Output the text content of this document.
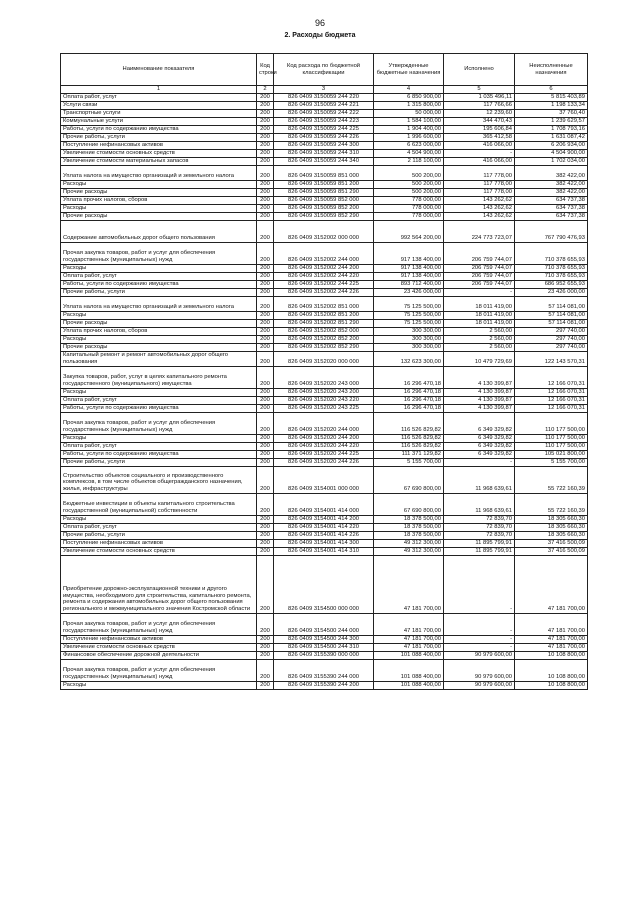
96
2. Расходы бюджета
Наименование показателя	Код строки	Код расхода по бюджетной классификации	Утвержденные бюджетные назначения	Исполнено	Неисполненные назначения
1	2	3	4	5	6
Оплата работ, услуг	200	826 0409 3150059 244 220	6 850 900,00	1 035 496,11	5 815 403,89
Услуги связи	200	826 0409 3150059 244 221	1 315 800,00	117 766,66	1 198 133,34
Транспортные услуги	200	826 0409 3150059 244 222	50 000,00	12 239,60	37 760,40
Коммунальные услуги	200	826 0409 3150059 244 223	1 584 100,00	344 470,43	1 239 629,57
Работы, услуги по содержанию имущества	200	826 0409 3150059 244 225	1 904 400,00	195 606,84	1 708 793,16
Прочие работы, услуги	200	826 0409 3150059 244 226	1 996 600,00	365 412,58	1 631 087,42
Поступление нефинансовых активов	200	826 0409 3150059 244 300	6 623 000,00	416 066,00	6 206 934,00
Увеличение стоимости основных средств	200	826 0409 3150059 244 310	4 504 900,00	-	4 504 900,00
Увеличение стоимости материальных запасов	200	826 0409 3150059 244 340	2 118 100,00	416 066,00	1 702 034,00
Уплата налога на имущество организаций и земельного налога	200	826 0409 3150059 851 000	500 200,00	117 778,00	382 422,00
Расходы	200	826 0409 3150059 851 200	500 200,00	117 778,00	382 422,00
Прочие расходы	200	826 0409 3150059 851 290	500 200,00	117 778,00	382 422,00
Уплата прочих налогов, сборов	200	826 0409 3150059 852 000	778 000,00	143 262,62	634 737,38
Расходы	200	826 0409 3150059 852 200	778 000,00	143 262,62	634 737,38
Прочие расходы	200	826 0409 3150059 852 290	778 000,00	143 262,62	634 737,38
Содержание автомобильных дорог общего пользования	200	826 0409 3152002 000 000	992 564 200,00	224 773 723,07	767 790 476,93
Прочая закупка товаров, работ и услуг для обеспечения государственных (муниципальных) нужд	200	826 0409 3152002 244 000	917 138 400,00	206 759 744,07	710 378 655,93
Расходы	200	826 0409 3152002 244 200	917 138 400,00	206 759 744,07	710 378 655,93
Оплата работ, услуг	200	826 0409 3152002 244 220	917 138 400,00	206 759 744,07	710 378 655,93
Работы, услуги по содержанию имущества	200	826 0409 3152002 244 225	893 712 400,00	206 759 744,07	686 952 655,93
Прочие работы, услуги	200	826 0409 3152002 244 226	23 426 000,00	-	23 426 000,00
Уплата налога на имущество организаций и земельного налога	200	826 0409 3152002 851 000	75 125 500,00	18 011 419,00	57 114 081,00
Расходы	200	826 0409 3152002 851 200	75 125 500,00	18 011 419,00	57 114 081,00
Прочие расходы	200	826 0409 3152002 851 290	75 125 500,00	18 011 419,00	57 114 081,00
Уплата прочих налогов, сборов	200	826 0409 3152002 852 000	300 300,00	2 560,00	297 740,00
Расходы	200	826 0409 3152002 852 200	300 300,00	2 560,00	297 740,00
Прочие расходы	200	826 0409 3152002 852 290	300 300,00	2 560,00	297 740,00
Капитальный ремонт и ремонт автомобильных дорог общего пользования	200	826 0409 3152020 000 000	132 623 300,00	10 479 729,69	122 143 570,31
Закупка товаров, работ, услуг в целях капитального ремонта государственного (муниципального) имущества	200	826 0409 3152020 243 000	16 296 470,18	4 130 399,87	12 166 070,31
Расходы	200	826 0409 3152020 243 200	16 296 470,18	4 130 399,87	12 166 070,31
Оплата работ, услуг	200	826 0409 3152020 243 220	16 296 470,18	4 130 399,87	12 166 070,31
Работы, услуги по содержанию имущества	200	826 0409 3152020 243 225	16 296 470,18	4 130 399,87	12 166 070,31
Прочая закупка товаров, работ и услуг для обеспечения государственных (муниципальных) нужд	200	826 0409 3152020 244 000	116 526 829,82	6 349 329,82	110 177 500,00
Расходы	200	826 0409 3152020 244 200	116 526 829,82	6 349 329,82	110 177 500,00
Оплата работ, услуг	200	826 0409 3152020 244 220	116 526 829,82	6 349 329,82	110 177 500,00
Работы, услуги по содержанию имущества	200	826 0409 3152020 244 225	111 371 129,82	6 349 329,82	105 021 800,00
Прочие работы, услуги	200	826 0409 3152020 244 226	5 155 700,00	-	5 155 700,00
Строительство объектов социального и производственного комплексов, в том числе объектов общегражданского назначения, жилья, инфраструктуры	200	826 0409 3154001 000 000	67 690 800,00	11 968 639,61	55 722 160,39
Бюджетные инвестиции в объекты капитального строительства государственной (муниципальной) собственности	200	826 0409 3154001 414 000	67 690 800,00	11 968 639,61	55 722 160,39
Расходы	200	826 0409 3154001 414 200	18 378 500,00	72 839,70	18 305 660,30
Оплата работ, услуг	200	826 0409 3154001 414 220	18 378 500,00	72 839,70	18 305 660,30
Прочие работы, услуги	200	826 0409 3154001 414 226	18 378 500,00	72 839,70	18 305 660,30
Поступление нефинансовых активов	200	826 0409 3154001 414 300	49 312 300,00	11 895 799,91	37 416 500,09
Увеличение стоимости основных средств	200	826 0409 3154001 414 310	49 312 300,00	11 895 799,91	37 416 500,09
Приобретение дорожно-эксплуатационной техники и другого имущества, необходимого для строительства, капитального ремонта, ремонта и содержания автомобильных дорог общего пользования регионального и межмуниципального значения Костромской области	200	826 0409 3154500 000 000	47 181 700,00	-	47 181 700,00
Прочая закупка товаров, работ и услуг для обеспечения государственных (муниципальных) нужд	200	826 0409 3154500 244 000	47 181 700,00	-	47 181 700,00
Поступление нефинансовых активов	200	826 0409 3154500 244 300	47 181 700,00	-	47 181 700,00
Увеличение стоимости основных средств	200	826 0409 3154500 244 310	47 181 700,00	-	47 181 700,00
Финансовое обеспечение дорожной деятельности	200	826 0409 3155390 000 000	101 088 400,00	90 979 600,00	10 108 800,00
Прочая закупка товаров, работ и услуг для обеспечения государственных (муниципальных) нужд	200	826 0409 3155390 244 000	101 088 400,00	90 979 600,00	10 108 800,00
Расходы	200	826 0409 3155390 244 200	101 088 400,00	90 979 600,00	10 108 800,00
